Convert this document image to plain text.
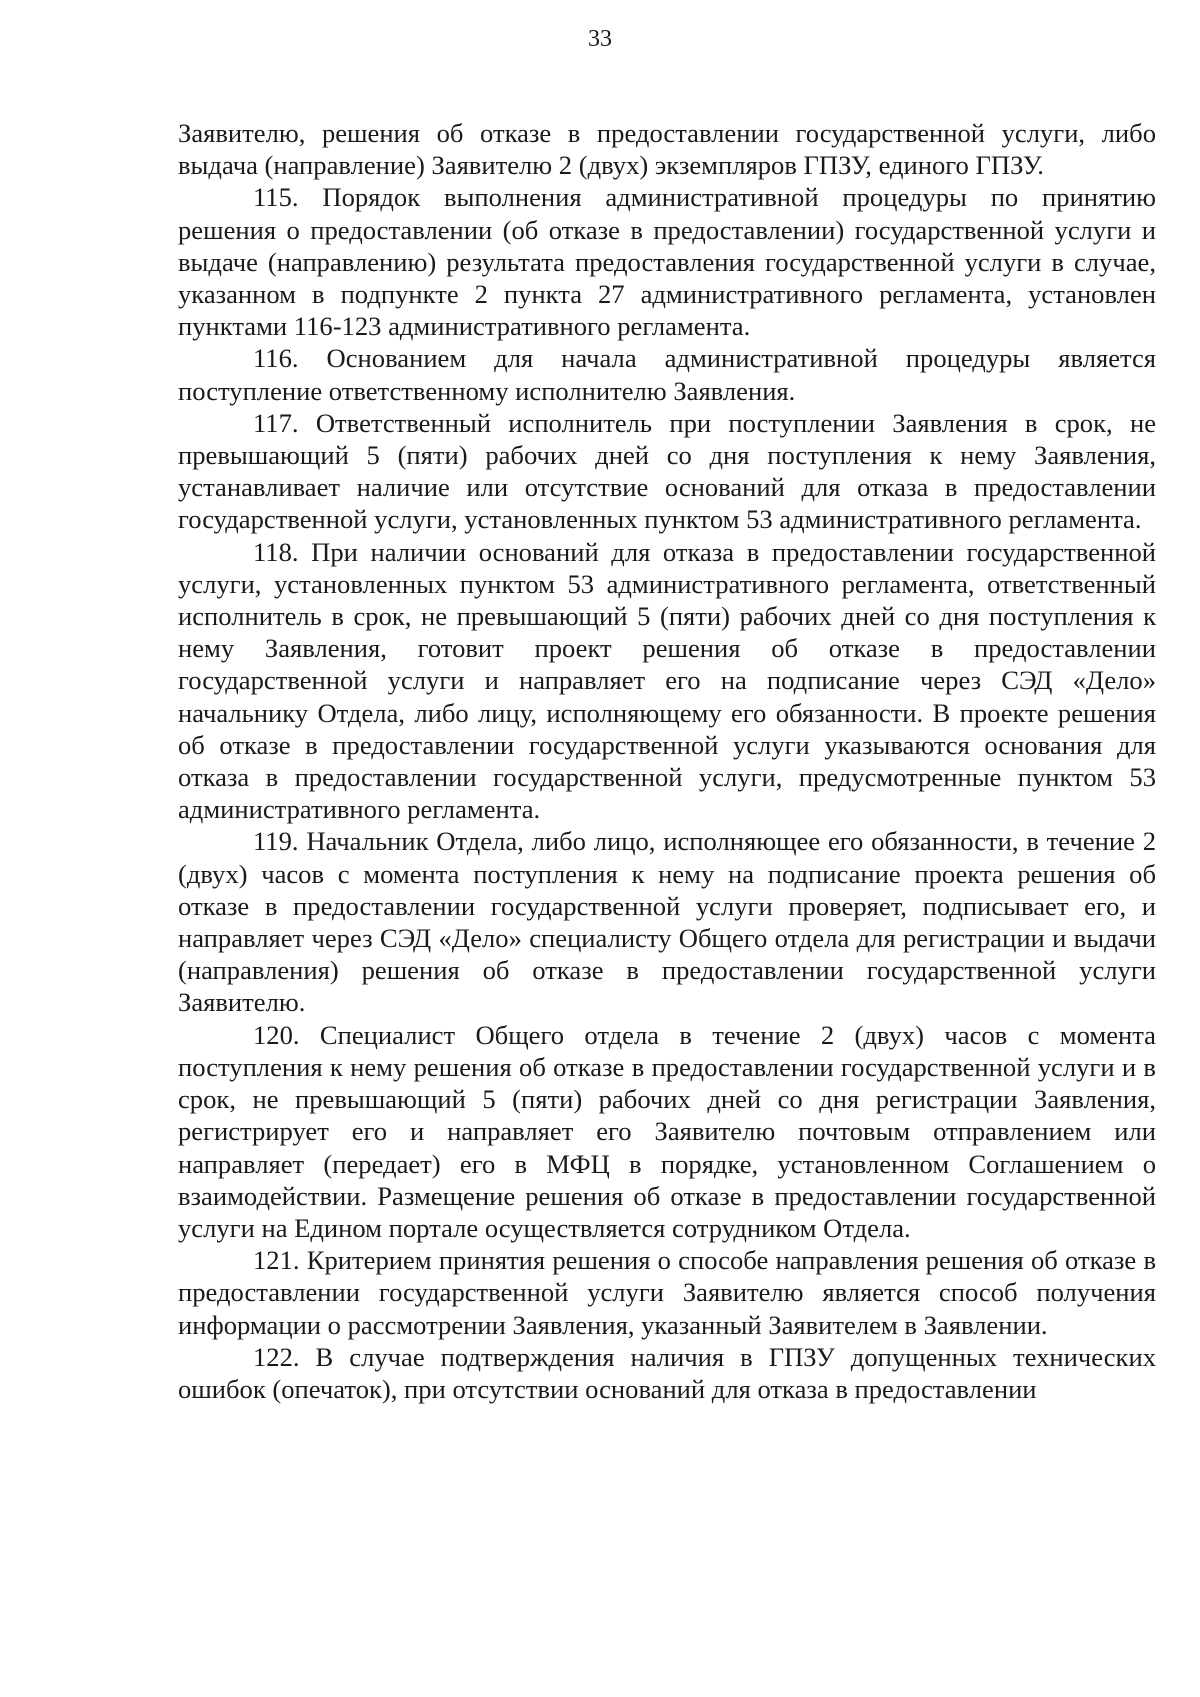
33

Заявителю, решения об отказе в предоставлении государственной услуги, либо выдача (направление) Заявителю 2 (двух) экземпляров ГПЗУ, единого ГПЗУ.

115. Порядок выполнения административной процедуры по принятию решения о предоставлении (об отказе в предоставлении) государственной услуги и выдаче (направлению) результата предоставления государственной услуги в случае, указанном в подпункте 2 пункта 27 административного регламента, установлен пунктами 116-123 административного регламента.

116. Основанием для начала административной процедуры является поступление ответственному исполнителю Заявления.

117. Ответственный исполнитель при поступлении Заявления в срок, не превышающий 5 (пяти) рабочих дней со дня поступления к нему Заявления, устанавливает наличие или отсутствие оснований для отказа в предоставлении государственной услуги, установленных пунктом 53 административного регламента.

118. При наличии оснований для отказа в предоставлении государственной услуги, установленных пунктом 53 административного регламента, ответственный исполнитель в срок, не превышающий 5 (пяти) рабочих дней со дня поступления к нему Заявления, готовит проект решения об отказе в предоставлении государственной услуги и направляет его на подписание через СЭД «Дело» начальнику Отдела, либо лицу, исполняющему его обязанности. В проекте решения об отказе в предоставлении государственной услуги указываются основания для отказа в предоставлении государственной услуги, предусмотренные пунктом 53 административного регламента.

119. Начальник Отдела, либо лицо, исполняющее его обязанности, в течение 2 (двух) часов с момента поступления к нему на подписание проекта решения об отказе в предоставлении государственной услуги проверяет, подписывает его, и направляет через СЭД «Дело» специалисту Общего отдела для регистрации и выдачи (направления) решения об отказе в предоставлении государственной услуги Заявителю.

120. Специалист Общего отдела в течение 2 (двух) часов с момента поступления к нему решения об отказе в предоставлении государственной услуги и в срок, не превышающий 5 (пяти) рабочих дней со дня регистрации Заявления, регистрирует его и направляет его Заявителю почтовым отправлением или направляет (передает) его в МФЦ в порядке, установленном Соглашением о взаимодействии. Размещение решения об отказе в предоставлении государственной услуги на Едином портале осуществляется сотрудником Отдела.

121. Критерием принятия решения о способе направления решения об отказе в предоставлении государственной услуги Заявителю является способ получения информации о рассмотрении Заявления, указанный Заявителем в Заявлении.

122. В случае подтверждения наличия в ГПЗУ допущенных технических ошибок (опечаток), при отсутствии оснований для отказа в предоставлении
